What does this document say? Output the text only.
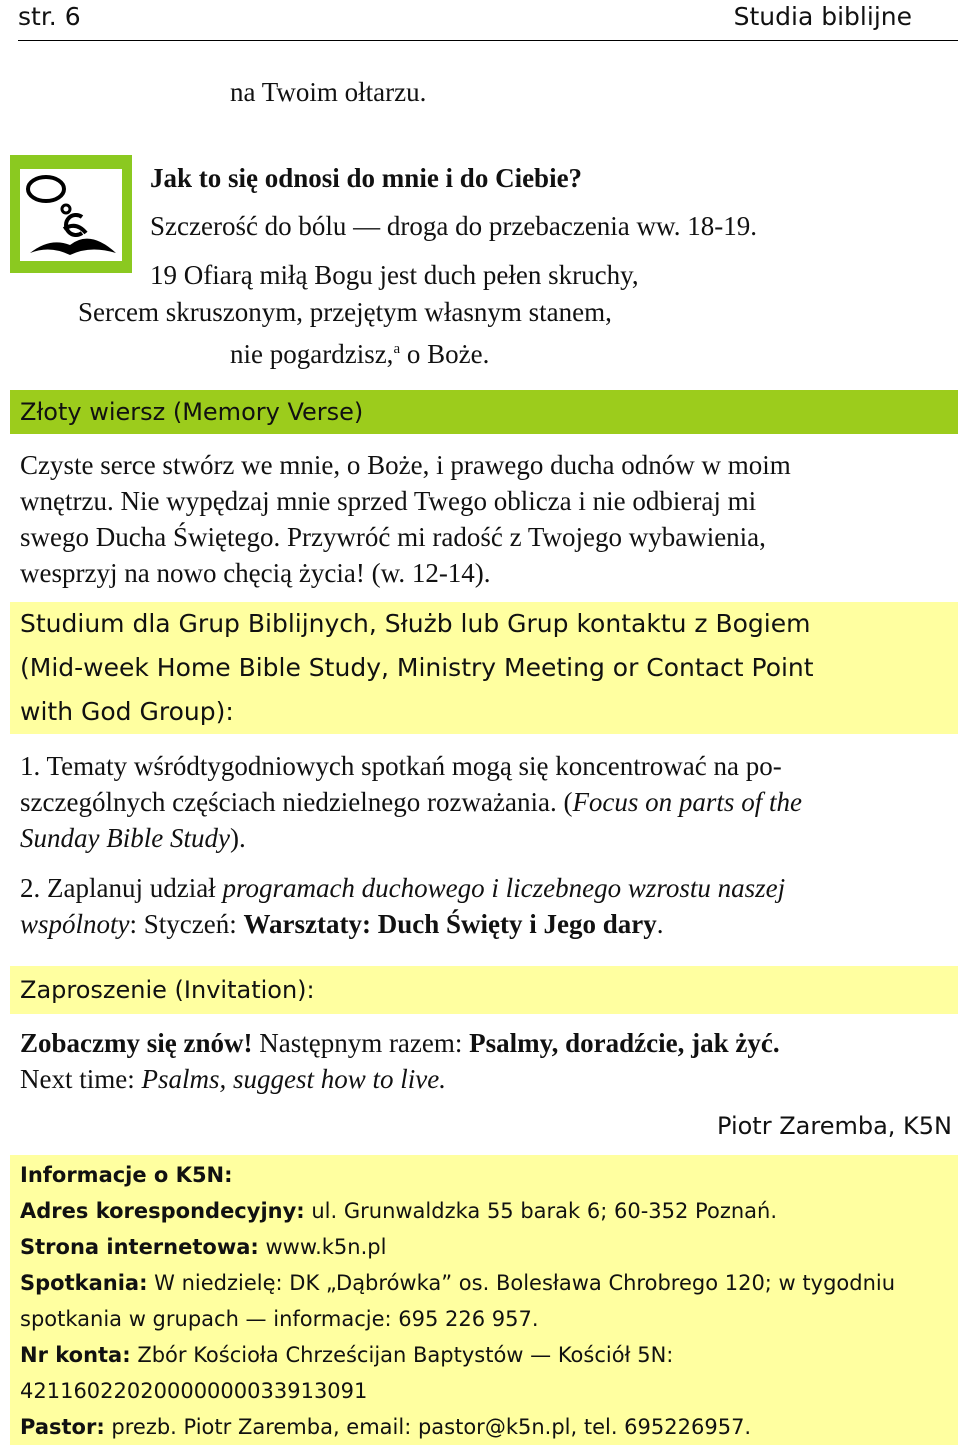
str. 6	Studia biblijne
na Twoim ołtarzu.
Jak to się odnosi do mnie i do Ciebie?
Szczerość do bólu — droga do przebaczenia ww. 18-19.
19 Ofiarą miłą Bogu jest duch pełen skruchy,
Sercem skruszonym, przejętym własnym stanem,
nie pogardzisz,$^a$ o Boże.
Złoty wiersz (Memory Verse)
Czyste serce stwórz we mnie, o Boże, i prawego ducha odnów w moim
wnętrzu. Nie wypędzaj mnie sprzed Twego oblicza i nie odbieraj mi
swego Ducha Świętego. Przywróć mi radość z Twojego wybawienia,
wesprzyj na nowo chęcią życia! (w. 12-14).
Studium dla Grup Biblijnych, Służb lub Grup kontaktu z Bogiem
(Mid-week Home Bible Study, Ministry Meeting or Contact Point
with God Group):
1. Tematy wśródtygodniowych spotkań mogą się koncentrować na po-
szczególnych częściach niedzielnego rozważania. (Focus on parts of the
Sunday Bible Study).
2. Zaplanuj udział programach duchowego i liczebnego wzrostu naszej
wspólnoty: Styczeń: Warsztaty: Duch Święty i Jego dary.
Zaproszenie (Invitation):
Zobaczmy się znów! Następnym razem: Psalmy, doradźcie, jak żyć.
Next time: Psalms, suggest how to live.
Piotr Zaremba, K5N
Informacje o K5N:
Adres korespondecyjny: ul. Grunwaldzka 55 barak 6; 60-352 Poznań.
Strona internetowa: www.k5n.pl
Spotkania: W niedzielę: DK „Dąbrówka” os. Bolesława Chrobrego 120; w tygodniu
spotkania w grupach — informacje: 695 226 957.
Nr konta: Zbór Kościoła Chrześcijan Baptystów — Kościół 5N:
42116022020000000033913091
Pastor: prezb. Piotr Zaremba, email: pastor@k5n.pl, tel. 695226957.
